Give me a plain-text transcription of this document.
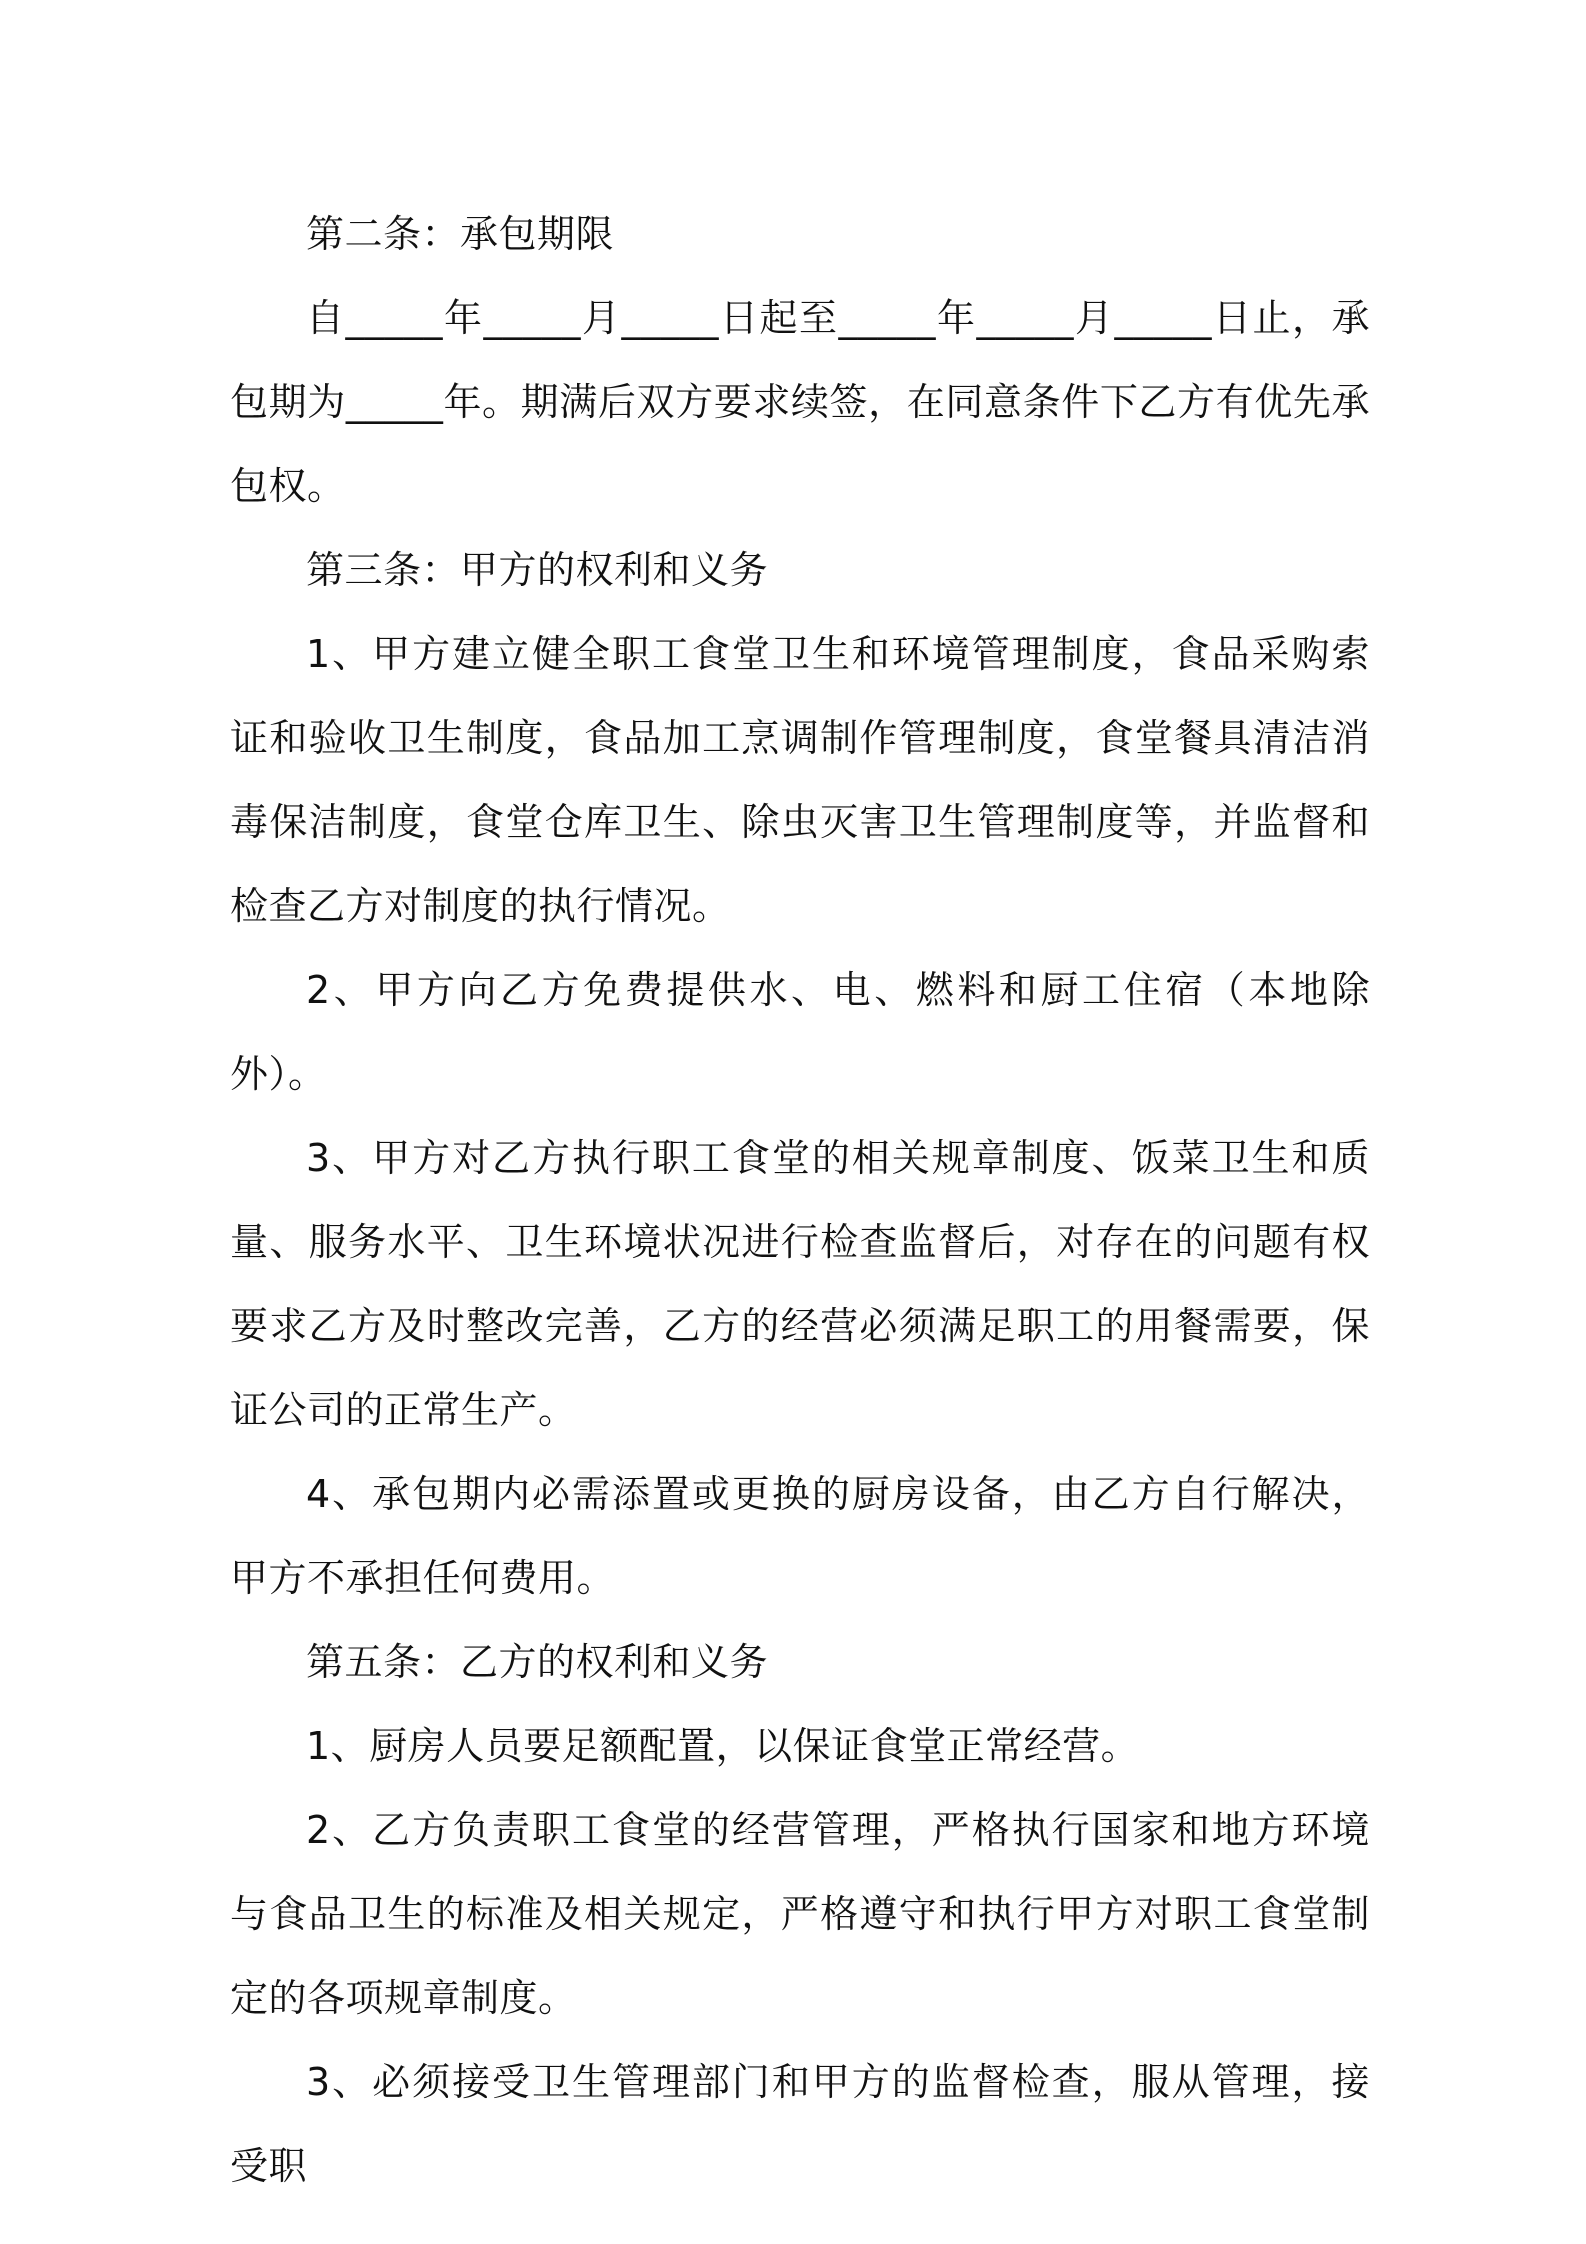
第二条：承包期限

自_____年_____月_____日起至_____年_____月_____日止，承包期为_____年。期满后双方要求续签，在同意条件下乙方有优先承包权。

第三条：甲方的权利和义务

1、甲方建立健全职工食堂卫生和环境管理制度，食品采购索证和验收卫生制度，食品加工烹调制作管理制度，食堂餐具清洁消毒保洁制度，食堂仓库卫生、除虫灭害卫生管理制度等，并监督和检查乙方对制度的执行情况。

2、甲方向乙方免费提供水、电、燃料和厨工住宿（本地除外）。

3、甲方对乙方执行职工食堂的相关规章制度、饭菜卫生和质量、服务水平、卫生环境状况进行检查监督后，对存在的问题有权要求乙方及时整改完善，乙方的经营必须满足职工的用餐需要，保证公司的正常生产。

4、承包期内必需添置或更换的厨房设备，由乙方自行解决，甲方不承担任何费用。

第五条：乙方的权利和义务

1、厨房人员要足额配置，以保证食堂正常经营。

2、乙方负责职工食堂的经营管理，严格执行国家和地方环境与食品卫生的标准及相关规定，严格遵守和执行甲方对职工食堂制定的各项规章制度。

3、必须接受卫生管理部门和甲方的监督检查，服从管理，接受职
